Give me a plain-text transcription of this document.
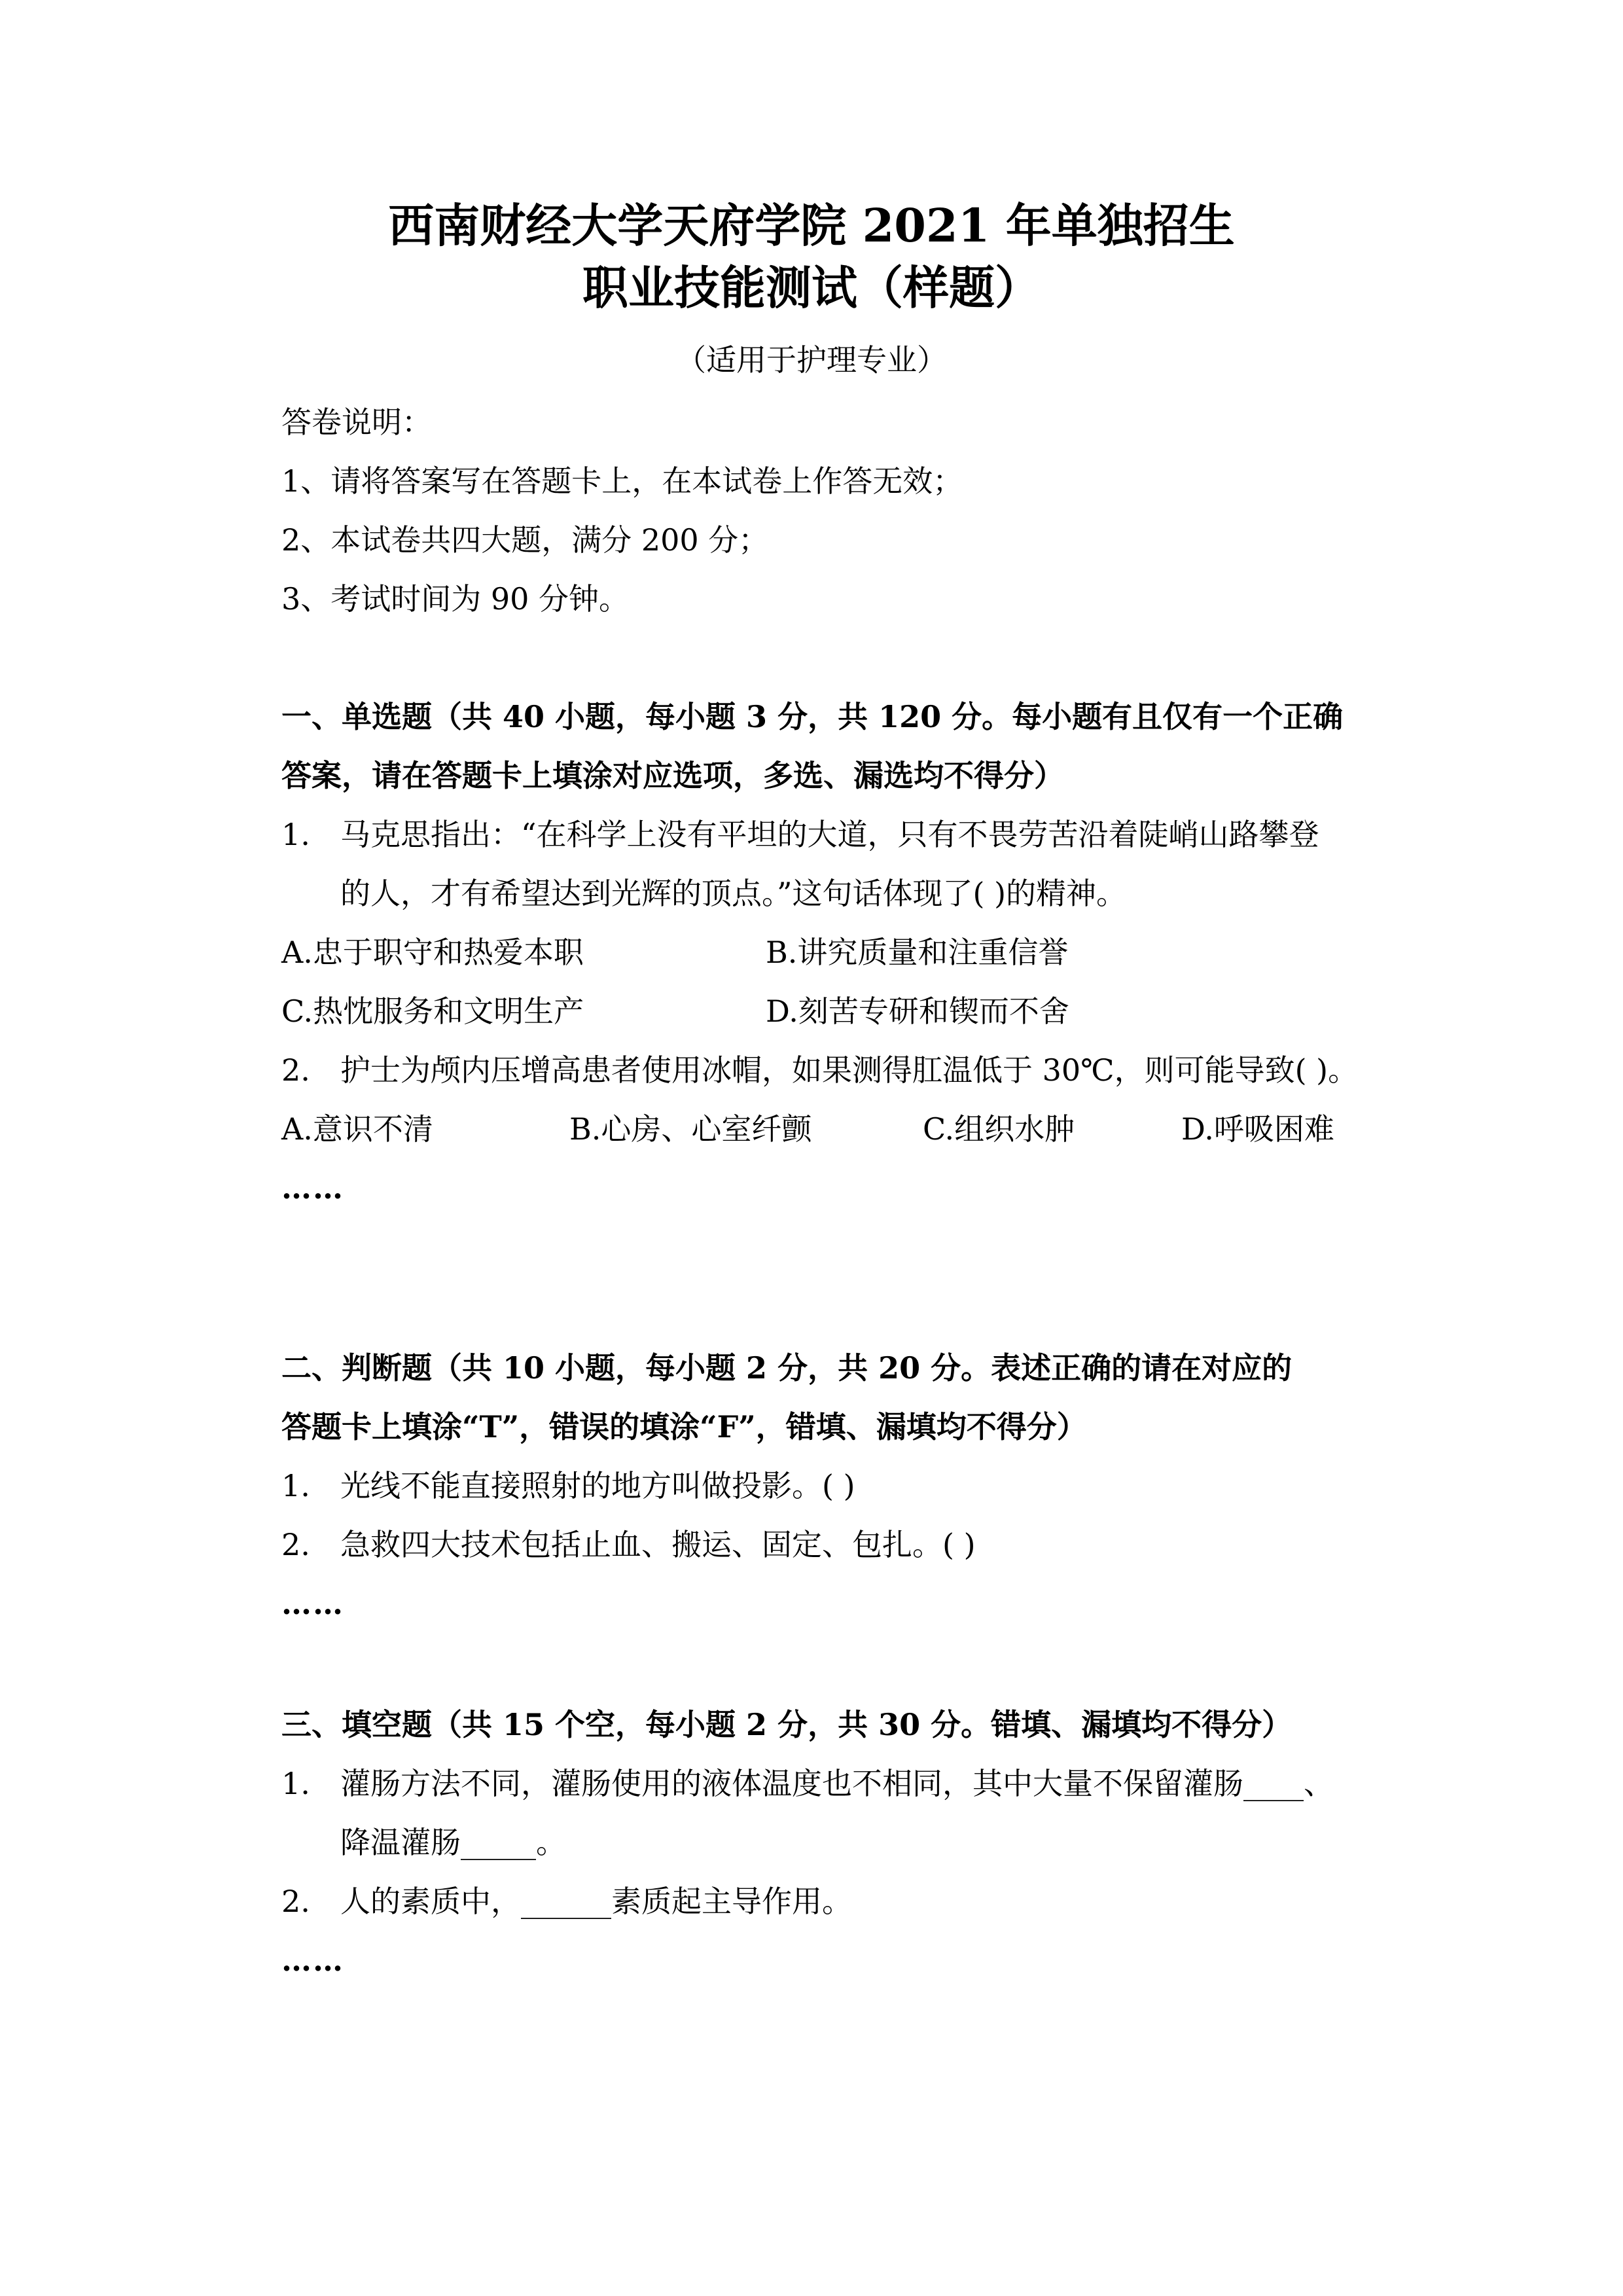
西南财经大学天府学院 2021 年单独招生
职业技能测试（样题）
（适用于护理专业）
答卷说明：
1、请将答案写在答题卡上，在本试卷上作答无效；
2、本试卷共四大题，满分 200 分；
3、考试时间为 90 分钟。
一、单选题（共 40 小题，每小题 3 分，共 120 分。每小题有且仅有一个正确
答案，请在答题卡上填涂对应选项，多选、漏选均不得分）
1. 马克思指出：“在科学上没有平坦的大道，只有不畏劳苦沿着陡峭山路攀登
的人，才有希望达到光辉的顶点。”这句话体现了( )的精神。
A.忠于职守和热爱本职	B.讲究质量和注重信誉
C.热忱服务和文明生产	D.刻苦专研和锲而不舍
2. 护士为颅内压增高患者使用冰帽，如果测得肛温低于 30℃，则可能导致( )。
A.意识不清	B.心房、心室纤颤	C.组织水肿	D.呼吸困难
……
二、判断题（共 10 小题，每小题 2 分，共 20 分。表述正确的请在对应的
答题卡上填涂“T”，错误的填涂“F”，错填、漏填均不得分）
1. 光线不能直接照射的地方叫做投影。( )
2. 急救四大技术包括止血、搬运、固定、包扎。( )
……
三、填空题（共 15 个空，每小题 2 分，共 30 分。错填、漏填均不得分）
1. 灌肠方法不同，灌肠使用的液体温度也不相同，其中大量不保留灌肠____、
降温灌肠_____。
2. 人的素质中，______素质起主导作用。
……
